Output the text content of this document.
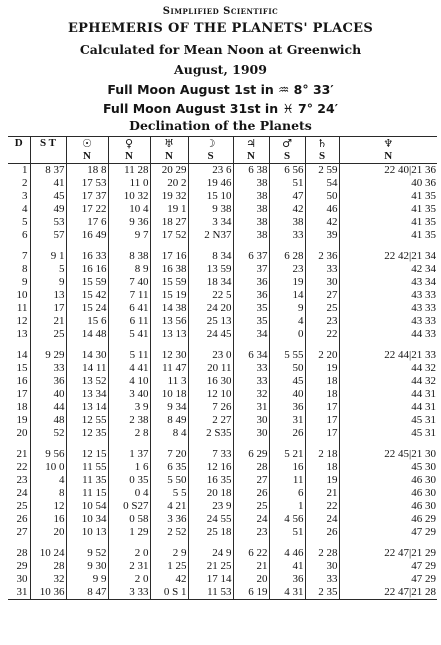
Simplified Scientific
EPHEMERIS OF THE PLANETS' PLACES
Calculated for Mean Noon at Greenwich
August, 1909
Full Moon August 1st in ♒ 8° 33′
Full Moon August 31st in ♓ 7° 24′
Declination of the Planets
D	S T	☉	♀	♅	☽	♃	♂	♄	♆
		N	N	N	S	N	S	S	N
1	8 37	18 8	11 28	20 29	23 6	6 38	6 56	2 59	22 40|21 36
2	41	17 53	11 0	20 2	19 46	38	51	54	40 36
3	45	17 37	10 32	19 32	15 10	38	47	50	41 35
4	49	17 22	10 4	19 1	9 38	38	42	46	41 35
5	53	17 6	9 36	18 27	3 34	38	38	42	41 35
6	57	16 49	9 7	17 52	2 N37	38	33	39	41 35

7	9 1	16 33	8 38	17 16	8 34	6 37	6 28	2 36	22 42|21 34
8	5	16 16	8 9	16 38	13 59	37	23	33	42 34
9	9	15 59	7 40	15 59	18 34	36	19	30	43 34
10	13	15 42	7 11	15 19	22 5	36	14	27	43 33
11	17	15 24	6 41	14 38	24 20	35	9	25	43 33
12	21	15 6	6 11	13 56	25 13	35	4	23	43 33
13	25	14 48	5 41	13 13	24 45	34	0	22	44 33

14	9 29	14 30	5 11	12 30	23 0	6 34	5 55	2 20	22 44|21 33
15	33	14 11	4 41	11 47	20 11	33	50	19	44 32
16	36	13 52	4 10	11 3	16 30	33	45	18	44 32
17	40	13 34	3 40	10 18	12 10	32	40	18	44 31
18	44	13 14	3 9	9 34	7 26	31	36	17	44 31
19	48	12 55	2 38	8 49	2 27	30	31	17	45 31
20	52	12 35	2 8	8 4	2 S35	30	26	17	45 31

21	9 56	12 15	1 37	7 20	7 33	6 29	5 21	2 18	22 45|21 30
22	10 0	11 55	1 6	6 35	12 16	28	16	18	45 30
23	4	11 35	0 35	5 50	16 35	27	11	19	46 30
24	8	11 15	0 4	5 5	20 18	26	6	21	46 30
25	12	10 54	0 S27	4 21	23 9	25	1	22	46 30
26	16	10 34	0 58	3 36	24 55	24	4 56	24	46 29
27	20	10 13	1 29	2 52	25 18	23	51	26	47 29

28	10 24	9 52	2 0	2 9	24 9	6 22	4 46	2 28	22 47|21 29
29	28	9 30	2 31	1 25	21 25	21	41	30	47 29
30	32	9 9	2 0	42	17 14	20	36	33	47 29
31	10 36	8 47	3 33	0 S 1	11 53	6 19	4 31	2 35	22 47|21 28
